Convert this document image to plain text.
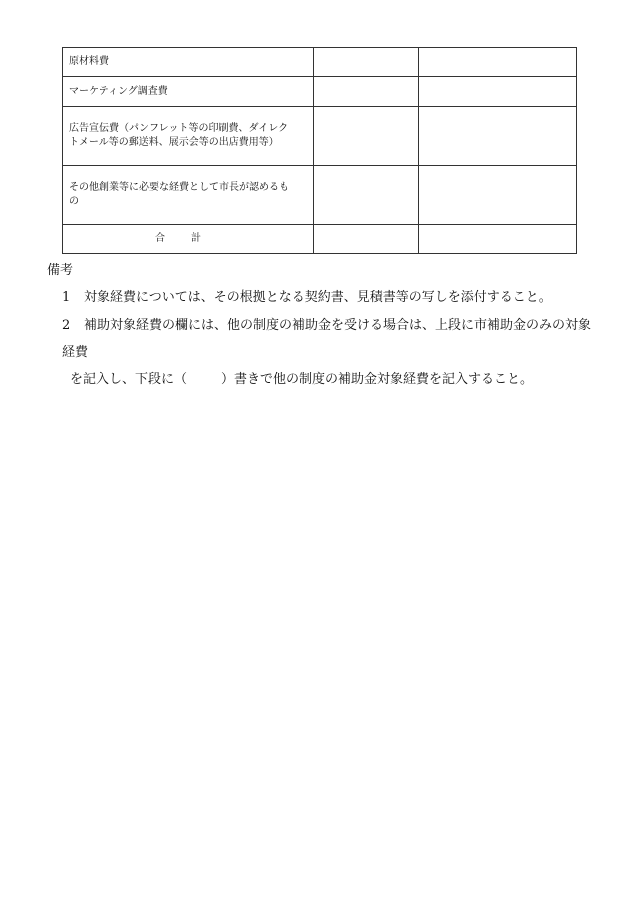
原材料費		

マーケティング調査費		

広告宣伝費（パンフレット等の印刷費、ダイレク
トメール等の郵送料、展示会等の出店費用等）		

その他創業等に必要な経費として市長が認めるも
の		

合 計		

備考
1 対象経費については、その根拠となる契約書、見積書等の写しを添付すること。
2 補助対象経費の欄には、他の制度の補助金を受ける場合は、上段に市補助金のみの対象経費
を記入し、下段に（	）書きで他の制度の補助金対象経費を記入すること。
